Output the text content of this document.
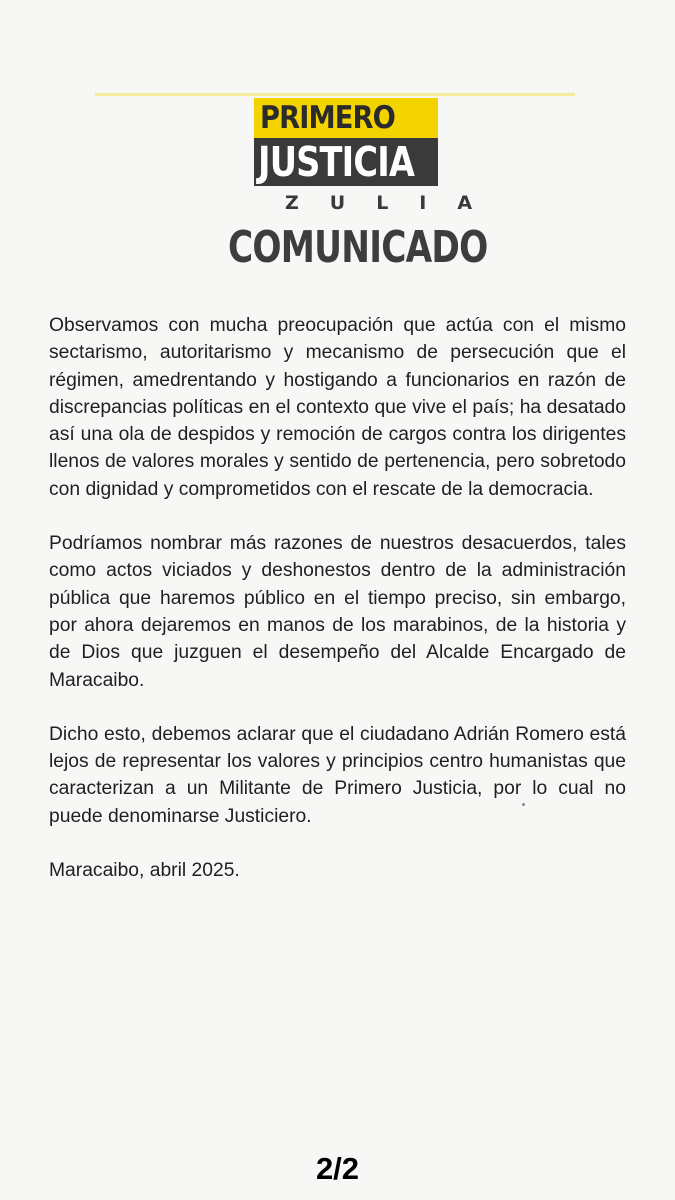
PRIMERO
JUSTICIA
ZULIA
COMUNICADO

Observamos con mucha preocupación que actúa con el mismo sectarismo, autoritarismo y mecanismo de persecución que el régimen, amedrentando y hostigando a funcionarios en razón de discrepancias políticas en el contexto que vive el país; ha desatado así una ola de despidos y remoción de cargos contra los dirigentes llenos de valores morales y sentido de pertenencia, pero sobretodo con dignidad y comprometidos con el rescate de la democracia.

Podríamos nombrar más razones de nuestros desacuerdos, tales como actos viciados y deshonestos dentro de la administración pública que haremos público en el tiempo preciso, sin embargo, por ahora dejaremos en manos de los marabinos, de la historia y de Dios que juzguen el desempeño del Alcalde Encargado de Maracaibo.

Dicho esto, debemos aclarar que el ciudadano Adrián Romero está lejos de representar los valores y principios centro humanistas que caracterizan a un Militante de Primero Justicia, por lo cual no puede denominarse Justiciero.

Maracaibo, abril 2025.

2/2
